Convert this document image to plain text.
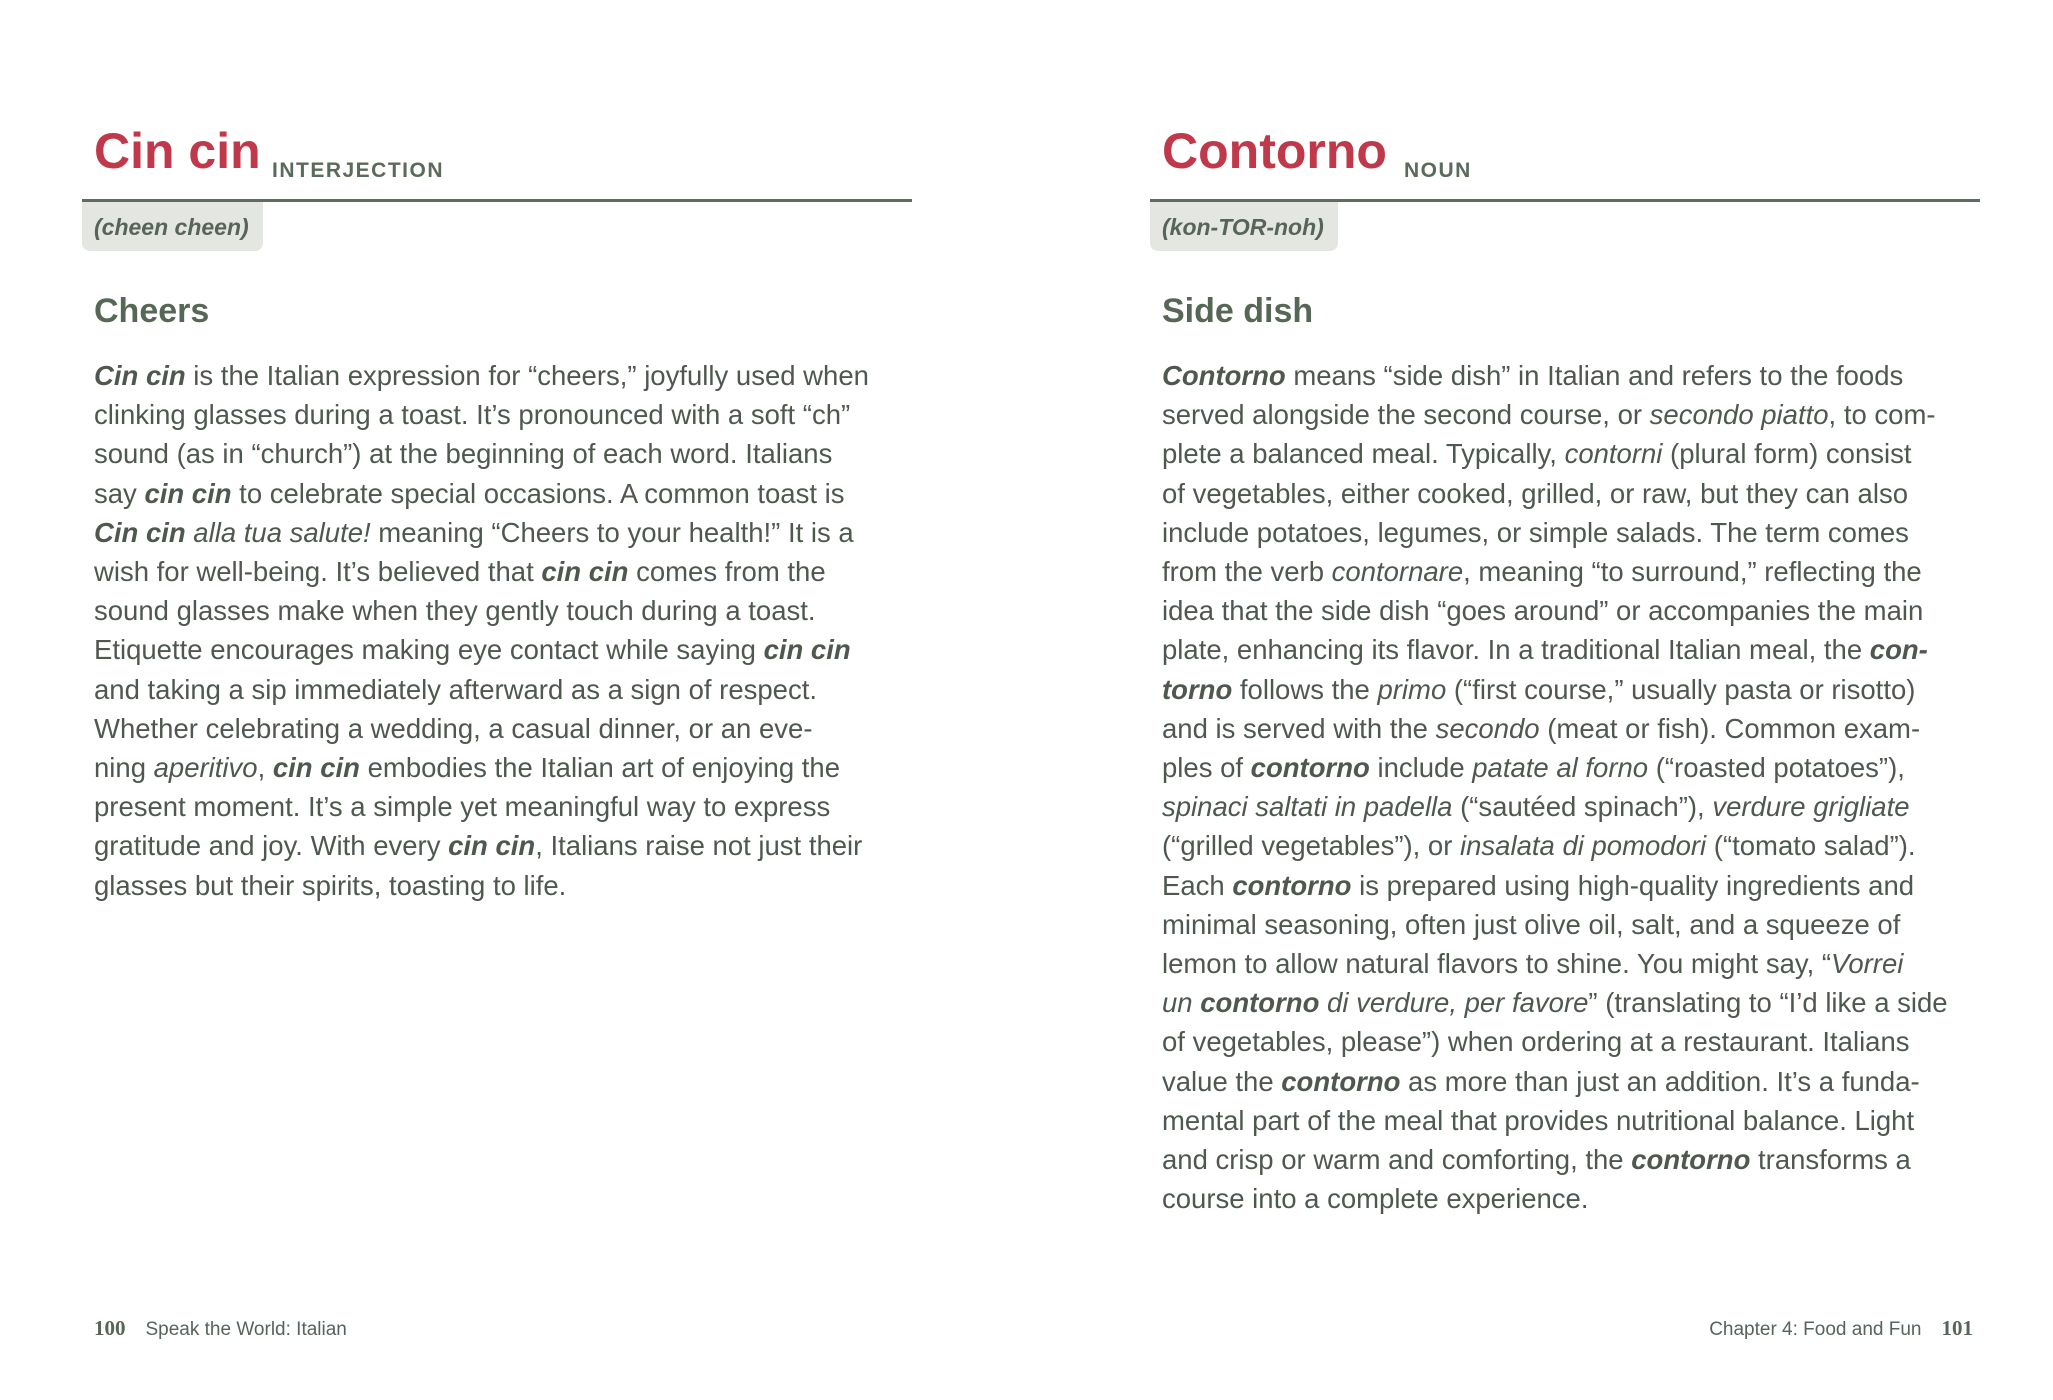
Cin cin INTERJECTION
(cheen cheen)
Cheers
Cin cin is the Italian expression for “cheers,” joyfully used when
clinking glasses during a toast. It’s pronounced with a soft “ch”
sound (as in “church”) at the beginning of each word. Italians
say cin cin to celebrate special occasions. A common toast is
Cin cin alla tua salute! meaning “Cheers to your health!” It is a
wish for well-being. It’s believed that cin cin comes from the
sound glasses make when they gently touch during a toast.
Etiquette encourages making eye contact while saying cin cin
and taking a sip immediately afterward as a sign of respect.
Whether celebrating a wedding, a casual dinner, or an eve-
ning aperitivo, cin cin embodies the Italian art of enjoying the
present moment. It’s a simple yet meaningful way to express
gratitude and joy. With every cin cin, Italians raise not just their
glasses but their spirits, toasting to life.
Contorno NOUN
(kon-TOR-noh)
Side dish
Contorno means “side dish” in Italian and refers to the foods
served alongside the second course, or secondo piatto, to com-
plete a balanced meal. Typically, contorni (plural form) consist
of vegetables, either cooked, grilled, or raw, but they can also
include potatoes, legumes, or simple salads. The term comes
from the verb contornare, meaning “to surround,” reflecting the
idea that the side dish “goes around” or accompanies the main
plate, enhancing its flavor. In a traditional Italian meal, the con-
torno follows the primo (“first course,” usually pasta or risotto)
and is served with the secondo (meat or fish). Common exam-
ples of contorno include patate al forno (“roasted potatoes”),
spinaci saltati in padella (“sautéed spinach”), verdure grigliate
(“grilled vegetables”), or insalata di pomodori (“tomato salad”).
Each contorno is prepared using high-quality ingredients and
minimal seasoning, often just olive oil, salt, and a squeeze of
lemon to allow natural flavors to shine. You might say, “Vorrei
un contorno di verdure, per favore” (translating to “I’d like a side
of vegetables, please”) when ordering at a restaurant. Italians
value the contorno as more than just an addition. It’s a funda-
mental part of the meal that provides nutritional balance. Light
and crisp or warm and comforting, the contorno transforms a
course into a complete experience.
100 Speak the World: Italian	Chapter 4: Food and Fun 101
